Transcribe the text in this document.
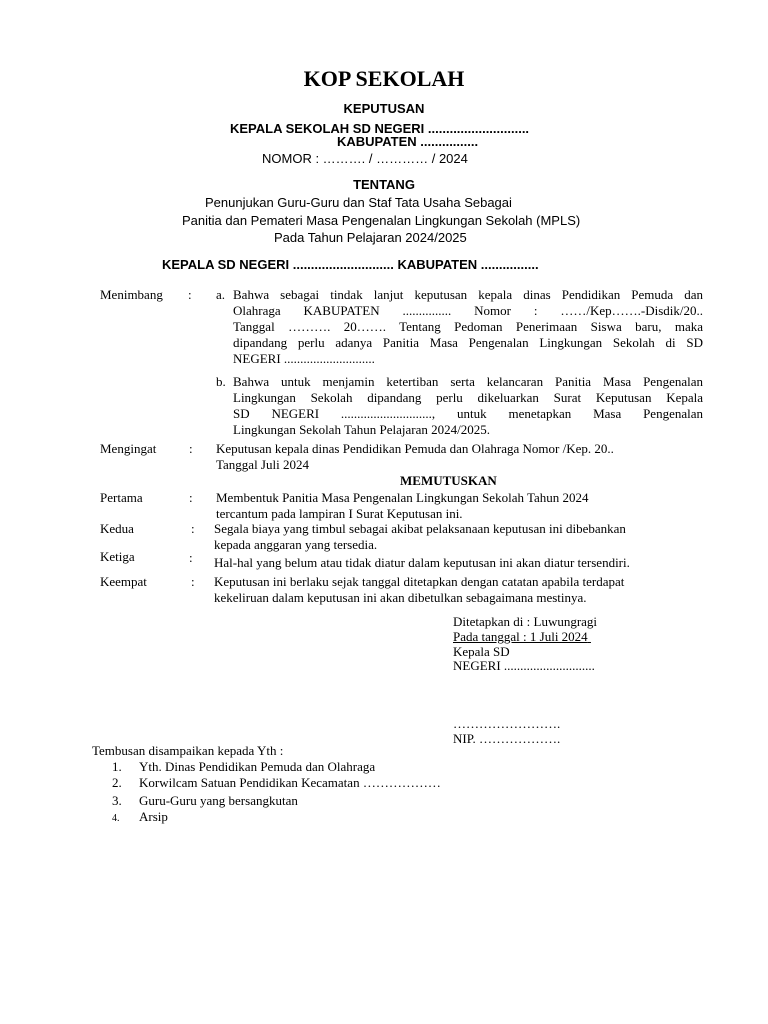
KOP SEKOLAH
KEPUTUSAN
KEPALA SEKOLAH SD NEGERI ............................
KABUPATEN ................
NOMOR : ………. / ………… / 2024
TENTANG
Penunjukan Guru-Guru dan Staf Tata Usaha Sebagai
Panitia dan Pemateri Masa Pengenalan Lingkungan Sekolah (MPLS)
Pada Tahun Pelajaran 2024/2025
KEPALA SD NEGERI ............................ KABUPATEN ................
Menimbang : a. Bahwa sebagai tindak lanjut keputusan kepala dinas Pendidikan Pemuda dan
Olahraga KABUPATEN ............... Nomor : ……/Kep…….-Disdik/20..
Tanggal ………. 20……. Tentang Pedoman Penerimaan Siswa baru, maka
dipandang perlu adanya Panitia Masa Pengenalan Lingkungan Sekolah di SD
NEGERI ............................
b. Bahwa untuk menjamin ketertiban serta kelancaran Panitia Masa Pengenalan
Lingkungan Sekolah dipandang perlu dikeluarkan Surat Keputusan Kepala
SD NEGERI ............................, untuk menetapkan Masa Pengenalan
Lingkungan Sekolah Tahun Pelajaran 2024/2025.
Mengingat	: Keputusan kepala dinas Pendidikan Pemuda dan Olahraga Nomor /Kep. 20..
Tanggal Juli 2024
MEMUTUSKAN
Pertama	: Membentuk Panitia Masa Pengenalan Lingkungan Sekolah Tahun 2024
tercantum pada lampiran I Surat Keputusan ini.
Kedua	: Segala biaya yang timbul sebagai akibat pelaksanaan keputusan ini dibebankan
kepada anggaran yang tersedia.
Ketiga	: Hal-hal yang belum atau tidak diatur dalam keputusan ini akan diatur tersendiri.
Keempat	: Keputusan ini berlaku sejak tanggal ditetapkan dengan catatan apabila terdapat
kekeliruan dalam keputusan ini akan dibetulkan sebagaimana mestinya.
Ditetapkan di : Luwungragi
Pada tanggal : 1 Juli 2024
Kepala SD
NEGERI ............................
…………………….
NIP. ……………….
Tembusan disampaikan kepada Yth :
1. Yth. Dinas Pendidikan Pemuda dan Olahraga
2. Korwilcam Satuan Pendidikan Kecamatan ………………
3. Guru-Guru yang bersangkutan
4. Arsip
